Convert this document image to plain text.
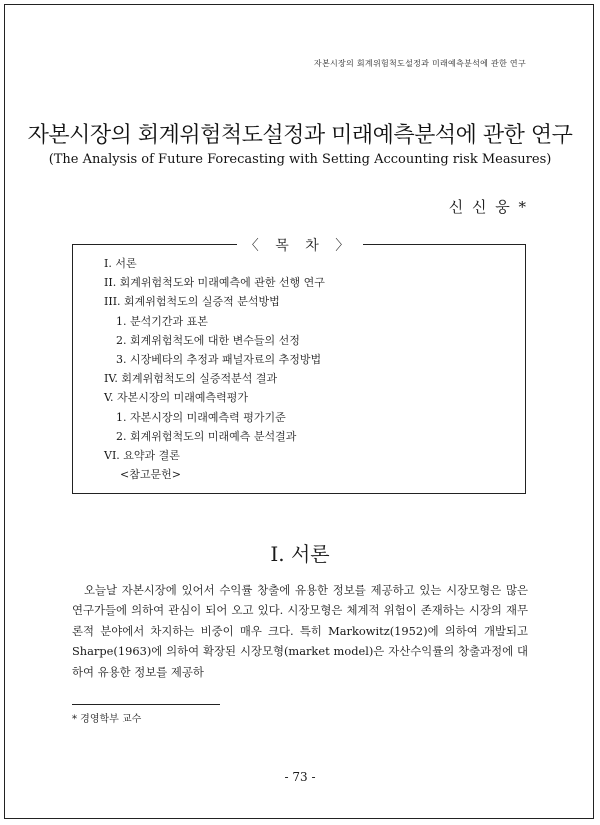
자본시장의 회계위험척도설정과 미래예측분석에 관한 연구
자본시장의 회계위험척도설정과 미래예측분석에 관한 연구
(The Analysis of Future Forecasting with Setting Accounting risk Measures)
신 신 웅 *
〈 목 차 〉
I. 서론
II. 회계위험척도와 미래예측에 관한 선행 연구
III. 회계위험척도의 실증적 분석방법
1. 분석기간과 표본
2. 회계위험척도에 대한 변수들의 선정
3. 시장베타의 추정과 패널자료의 추정방법
IV. 회계위험척도의 실증적분석 결과
V. 자본시장의 미래예측력평가
1. 자본시장의 미래예측력 평가기준
2. 회계위험척도의 미래예측 분석결과
VI. 요약과 결론
<참고문헌>
I. 서론

오늘날 자본시장에 있어서 수익률 창출에 유용한 정보를 제공하고 있는 시장모형은 많은 연구가들에 의하여 관심이 되어 오고 있다. 시장모형은 체계적 위험이 존재하는 시장의 재무론적 분야에서 차지하는 비중이 매우 크다. 특히 Markowitz(1952)에 의하여 개발되고 Sharpe(1963)에 의하여 확장된 시장모형(market model)은 자산수익률의 창출과정에 대하여 유용한 정보를 제공하

* 경영학부 교수
- 73 -
